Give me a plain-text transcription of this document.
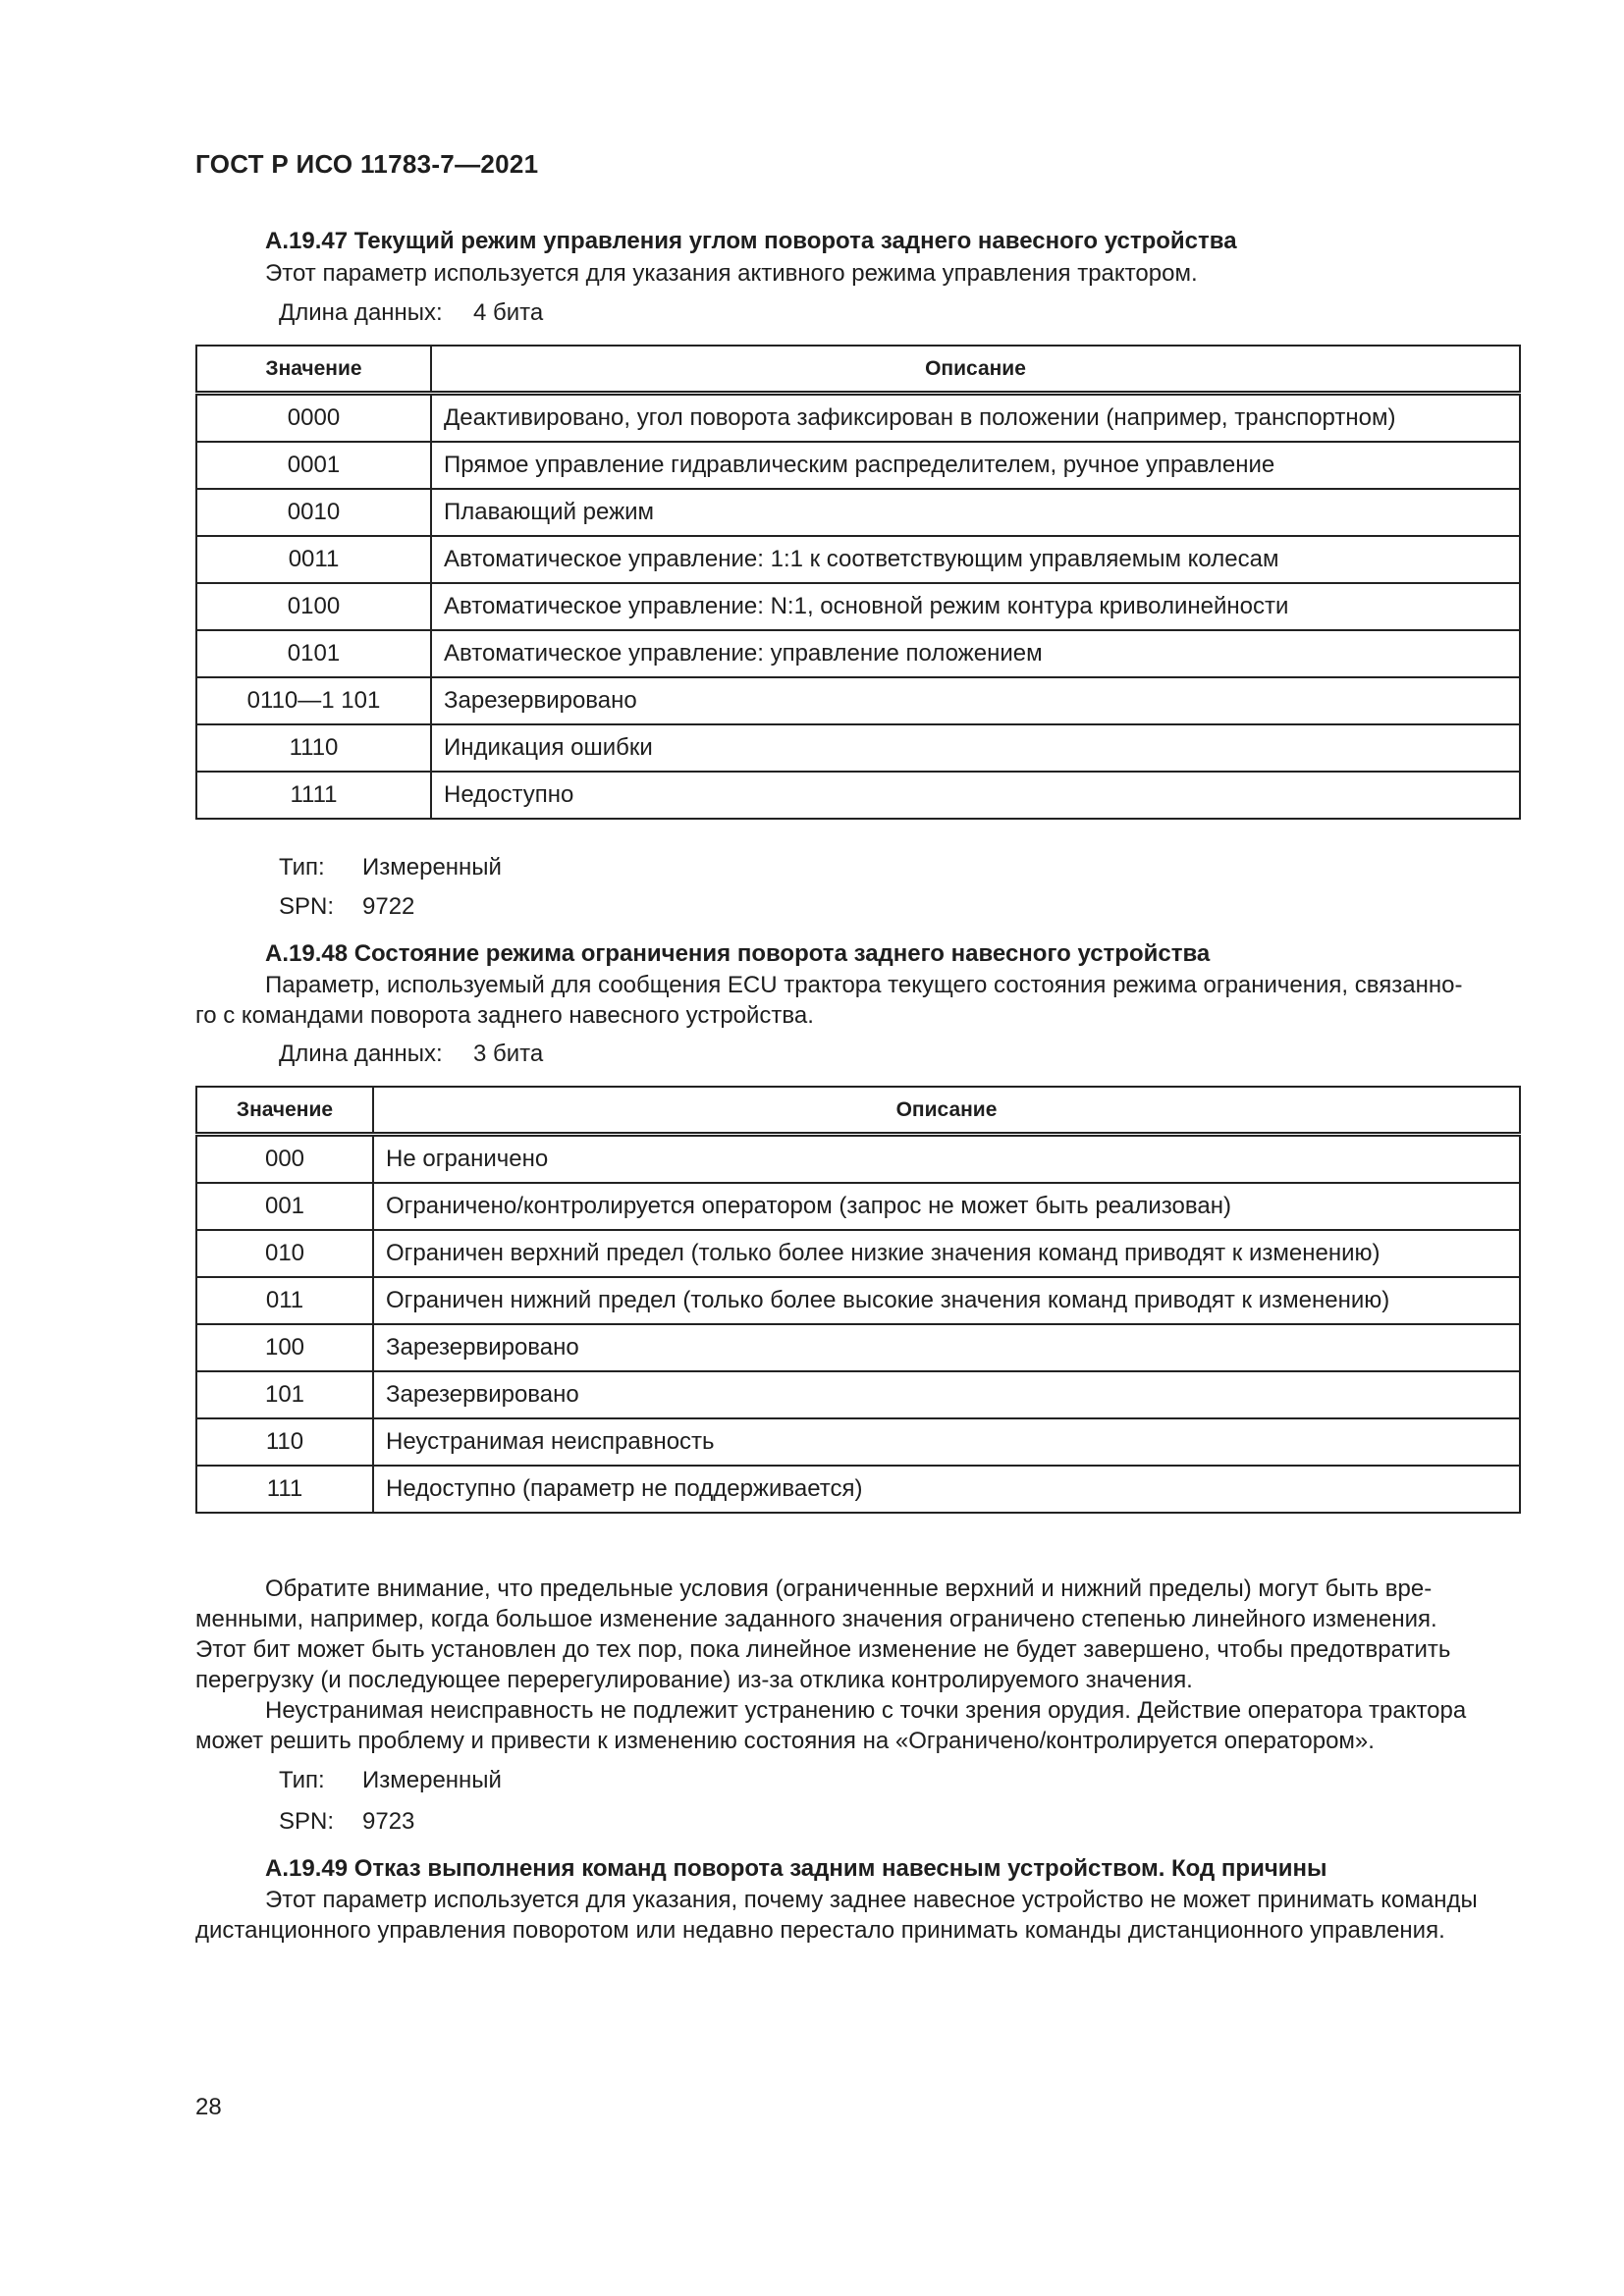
ГОСТ Р ИСО 11783-7—2021
А.19.47 Текущий режим управления углом поворота заднего навесного устройства

Этот параметр используется для указания активного режима управления трактором.

Длина данных: 4 бита
Значение	Описание
0000	Деактивировано, угол поворота зафиксирован в положении (например, транспортном)
0001	Прямое управление гидравлическим распределителем, ручное управление
0010	Плавающий режим
0011	Автоматическое управление: 1:1 к соответствующим управляемым колесам
0100	Автоматическое управление: N:1, основной режим контура криволинейности
0101	Автоматическое управление: управление положением
0110—1 101	Зарезервировано
1110	Индикация ошибки
1111	Недоступно
Тип: Измеренный
SPN: 9722
А.19.48 Состояние режима ограничения поворота заднего навесного устройства

Параметр, используемый для сообщения ECU трактора текущего состояния режима ограничения, связанно-

го с командами поворота заднего навесного устройства.

Длина данных: 3 бита
Значение	Описание
000	Не ограничено
001	Ограничено/контролируется оператором (запрос не может быть реализован)
010	Ограничен верхний предел (только более низкие значения команд приводят к изменению)
011	Ограничен нижний предел (только более высокие значения команд приводят к изменению)
100	Зарезервировано
101	Зарезервировано
110	Неустранимая неисправность
111	Недоступно (параметр не поддерживается)

Обратите внимание, что предельные условия (ограниченные верхний и нижний пределы) могут быть вре-

менными, например, когда большое изменение заданного значения ограничено степенью линейного изменения.

Этот бит может быть установлен до тех пор, пока линейное изменение не будет завершено, чтобы предотвратить

перегрузку (и последующее перерегулирование) из-за отклика контролируемого значения.

Неустранимая неисправность не подлежит устранению с точки зрения орудия. Действие оператора трактора

может решить проблему и привести к изменению состояния на «Ограничено/контролируется оператором».

Тип: Измеренный
SPN: 9723
А.19.49 Отказ выполнения команд поворота задним навесным устройством. Код причины

Этот параметр используется для указания, почему заднее навесное устройство не может принимать команды

дистанционного управления поворотом или недавно перестало принимать команды дистанционного управления.

28
